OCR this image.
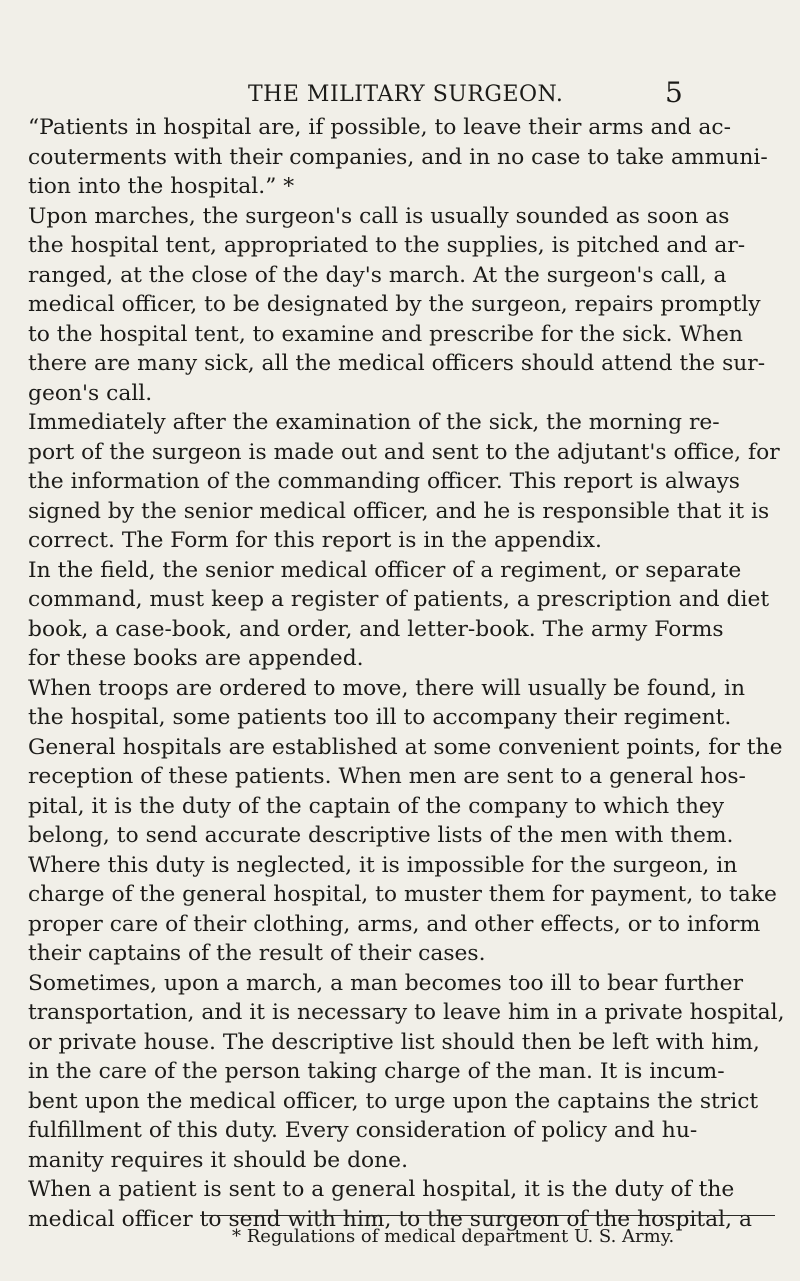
THE MILITARY SURGEON.	5
“Patients in hospital are, if possible, to leave their arms and ac-
couterments with their companies, and in no case to take ammuni-
tion into the hospital.” *
Upon marches, the surgeon's call is usually sounded as soon as
the hospital tent, appropriated to the supplies, is pitched and ar-
ranged, at the close of the day's march. At the surgeon's call, a
medical officer, to be designated by the surgeon, repairs promptly
to the hospital tent, to examine and prescribe for the sick. When
there are many sick, all the medical officers should attend the sur-
geon's call.
Immediately after the examination of the sick, the morning re-
port of the surgeon is made out and sent to the adjutant's office, for
the information of the commanding officer. This report is always
signed by the senior medical officer, and he is responsible that it is
correct. The Form for this report is in the appendix.
In the field, the senior medical officer of a regiment, or separate
command, must keep a register of patients, a prescription and diet
book, a case-book, and order, and letter-book. The army Forms
for these books are appended.
When troops are ordered to move, there will usually be found, in
the hospital, some patients too ill to accompany their regiment.
General hospitals are established at some convenient points, for the
reception of these patients. When men are sent to a general hos-
pital, it is the duty of the captain of the company to which they
belong, to send accurate descriptive lists of the men with them.
Where this duty is neglected, it is impossible for the surgeon, in
charge of the general hospital, to muster them for payment, to take
proper care of their clothing, arms, and other effects, or to inform
their captains of the result of their cases.
Sometimes, upon a march, a man becomes too ill to bear further
transportation, and it is necessary to leave him in a private hospital,
or private house. The descriptive list should then be left with him,
in the care of the person taking charge of the man. It is incum-
bent upon the medical officer, to urge upon the captains the strict
fulfillment of this duty. Every consideration of policy and hu-
manity requires it should be done.
When a patient is sent to a general hospital, it is the duty of the
medical officer to send with him, to the surgeon of the hospital, a
* Regulations of medical department U. S. Army.
